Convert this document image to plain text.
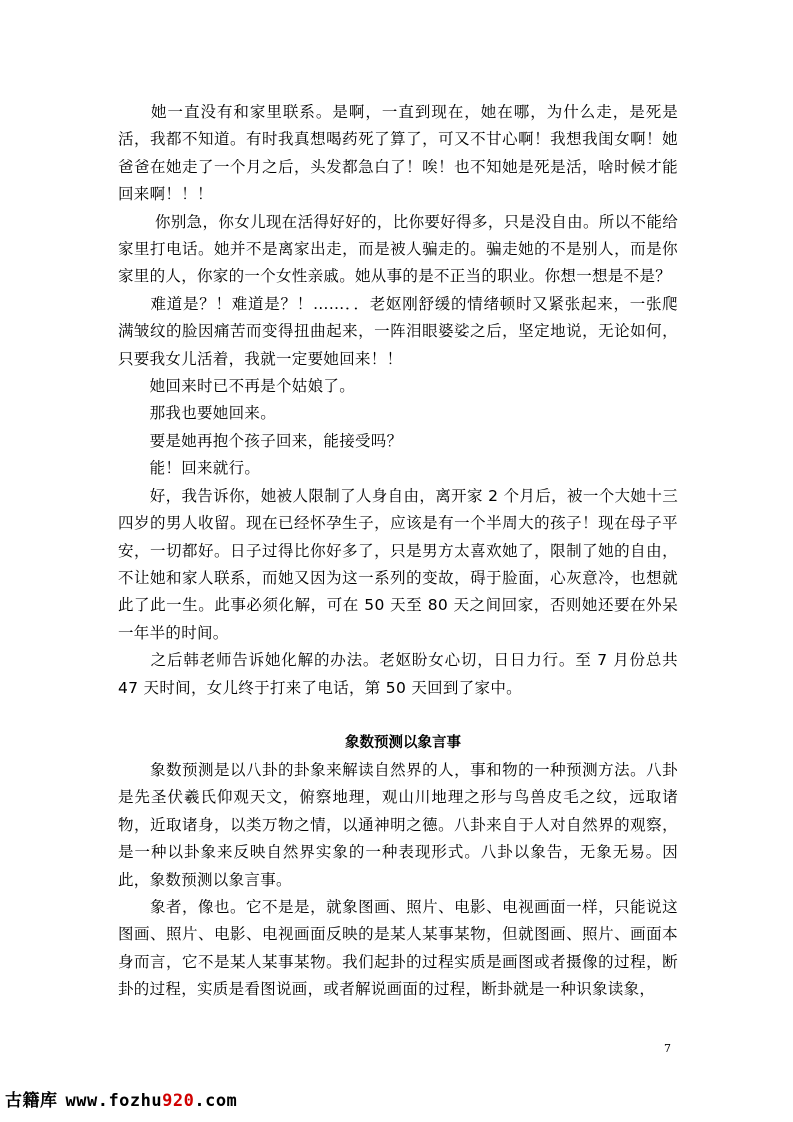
　　她一直没有和家里联系。是啊，一直到现在，她在哪，为什么走，是死是活，我都不知道。有时我真想喝药死了算了，可又不甘心啊！我想我闺女啊！她爸爸在她走了一个月之后，头发都急白了！唉！也不知她是死是活，啥时候才能回来啊！！！

　　 你别急，你女儿现在活得好好的，比你要好得多，只是没自由。所以不能给家里打电话。她并不是离家出走，而是被人骗走的。骗走她的不是别人，而是你家里的人，你家的一个女性亲戚。她从事的是不正当的职业。你想一想是不是？

　　难道是？！难道是？！……．．老妪刚舒缓的情绪顿时又紧张起来，一张爬满皱纹的脸因痛苦而变得扭曲起来，一阵泪眼婆娑之后，坚定地说，无论如何，只要我女儿活着，我就一定要她回来！！

　　她回来时已不再是个姑娘了。

　　那我也要她回来。

　　要是她再抱个孩子回来，能接受吗？

　　能！回来就行。

　　好，我告诉你，她被人限制了人身自由，离开家 2 个月后，被一个大她十三四岁的男人收留。现在已经怀孕生子，应该是有一个半周大的孩子！现在母子平安，一切都好。日子过得比你好多了，只是男方太喜欢她了，限制了她的自由，不让她和家人联系，而她又因为这一系列的变故，碍于脸面，心灰意冷，也想就此了此一生。此事必须化解，可在 50 天至 80 天之间回家，否则她还要在外呆一年半的时间。

　　之后韩老师告诉她化解的办法。老妪盼女心切，日日力行。至 7 月份总共 47 天时间，女儿终于打来了电话，第 50 天回到了家中。

象数预测以象言事

　　象数预测是以八卦的卦象来解读自然界的人，事和物的一种预测方法。八卦是先圣伏羲氏仰观天文，俯察地理，观山川地理之形与鸟兽皮毛之纹，远取诸物，近取诸身，以类万物之情，以通神明之德。八卦来自于人对自然界的观察，是一种以卦象来反映自然界实象的一种表现形式。八卦以象告，无象无易。因此，象数预测以象言事。

　　象者，像也。它不是是，就象图画、照片、电影、电视画面一样，只能说这图画、照片、电影、电视画面反映的是某人某事某物，但就图画、照片、画面本身而言，它不是某人某事某物。我们起卦的过程实质是画图或者摄像的过程，断卦的过程，实质是看图说画，或者解说画面的过程，断卦就是一种识象读象，

7
古籍库 www.fozhu920.com
